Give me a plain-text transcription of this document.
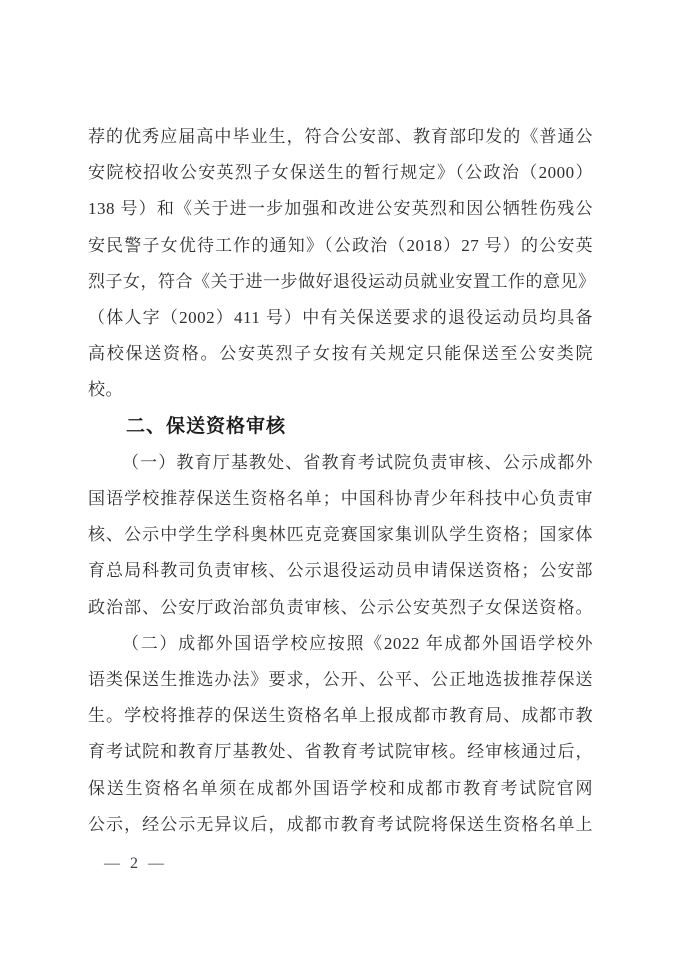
荐的优秀应届高中毕业生，符合公安部、教育部印发的《普通公
安院校招收公安英烈子女保送生的暂行规定》（公政治（2000）
138 号）和《关于进一步加强和改进公安英烈和因公牺牲伤残公
安民警子女优待工作的通知》（公政治（2018）27 号）的公安英
烈子女，符合《关于进一步做好退役运动员就业安置工作的意见》
（体人字（2002）411 号）中有关保送要求的退役运动员均具备
高校保送资格。公安英烈子女按有关规定只能保送至公安类院
校。
二、保送资格审核
（一）教育厅基教处、省教育考试院负责审核、公示成都外
国语学校推荐保送生资格名单；中国科协青少年科技中心负责审
核、公示中学生学科奥林匹克竞赛国家集训队学生资格；国家体
育总局科教司负责审核、公示退役运动员申请保送资格；公安部
政治部、公安厅政治部负责审核、公示公安英烈子女保送资格。
（二）成都外国语学校应按照《2022 年成都外国语学校外
语类保送生推选办法》要求，公开、公平、公正地选拔推荐保送
生。学校将推荐的保送生资格名单上报成都市教育局、成都市教
育考试院和教育厅基教处、省教育考试院审核。经审核通过后，
保送生资格名单须在成都外国语学校和成都市教育考试院官网
公示，经公示无异议后，成都市教育考试院将保送生资格名单上
— 2 —
